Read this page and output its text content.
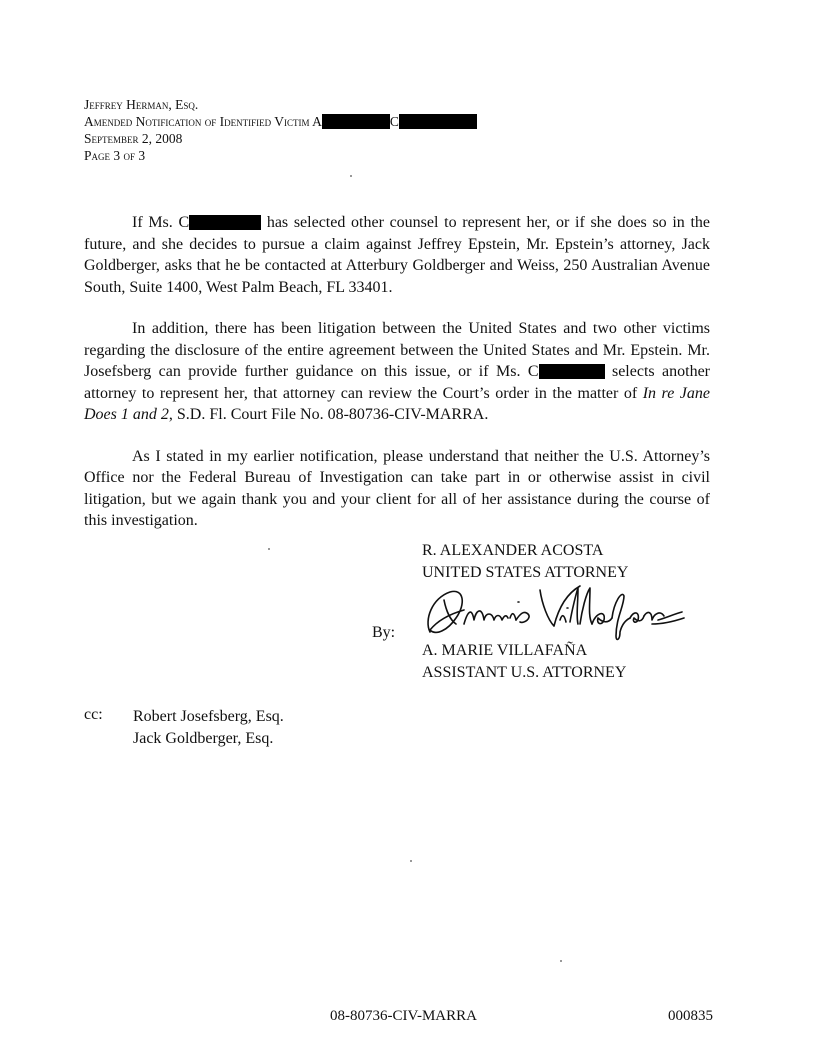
Jeffrey Herman, Esq.
Amended Notification of Identified Victim A	C
September 2, 2008
Page 3 of 3

If Ms. C	has selected other counsel to represent her, or if she does so in the future, and she decides to pursue a claim against Jeffrey Epstein, Mr. Epstein’s attorney, Jack Goldberger, asks that he be contacted at Atterbury Goldberger and Weiss, 250 Australian Avenue South, Suite 1400, West Palm Beach, FL 33401.

In addition, there has been litigation between the United States and two other victims regarding the disclosure of the entire agreement between the United States and Mr. Epstein. Mr. Josefsberg can provide further guidance on this issue, or if Ms. C	selects another attorney to represent her, that attorney can review the Court’s order in the matter of In re Jane Does 1 and 2, S.D. Fl. Court File No. 08-80736-CIV-MARRA.

As I stated in my earlier notification, please understand that neither the U.S. Attorney’s Office nor the Federal Bureau of Investigation can take part in or otherwise assist in civil litigation, but we again thank you and your client for all of her assistance during the course of this investigation.

R. ALEXANDER ACOSTA
UNITED STATES ATTORNEY
By:
A. MARIE VILLAFAÑA
ASSISTANT U.S. ATTORNEY
cc: Robert Josefsberg, Esq.
Jack Goldberger, Esq.
08-80736-CIV-MARRA	000835
